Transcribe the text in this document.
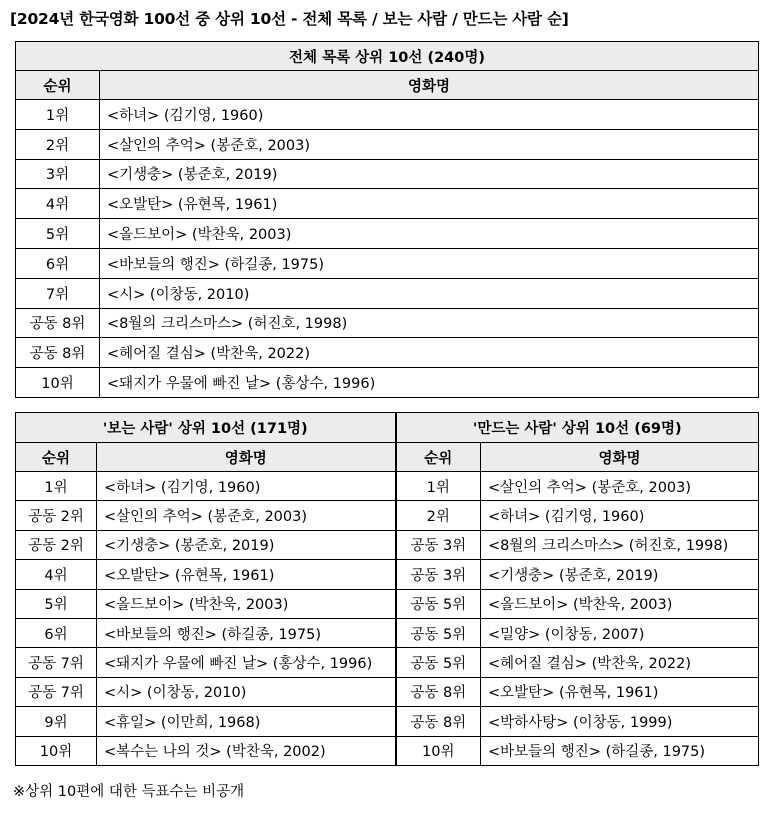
[2024년 한국영화 100선 중 상위 10선 - 전체 목록 / 보는 사람 / 만드는 사람 순]
전체 목록 상위 10선 (240명)	
순위	영화명
1위	<하녀> (김기영, 1960)
2위	<살인의 추억> (봉준호, 2003)
3위	<기생충> (봉준호, 2019)
4위	<오발탄> (유현목, 1961)
5위	<올드보이> (박찬욱, 2003)
6위	<바보들의 행진> (하길종, 1975)
7위	<시> (이창동, 2010)
공동 8위	<8월의 크리스마스> (허진호, 1998)
공동 8위	<헤어질 결심> (박찬욱, 2022)
10위	<돼지가 우물에 빠진 날> (홍상수, 1996)
'보는 사람' 상위 10선 (171명)		'만드는 사람' 상위 10선 (69명)	
순위	영화명	순위	영화명
1위	<하녀> (김기영, 1960)	1위	<살인의 추억> (봉준호, 2003)
공동 2위	<살인의 추억> (봉준호, 2003)	2위	<하녀> (김기영, 1960)
공동 2위	<기생충> (봉준호, 2019)	공동 3위	<8월의 크리스마스> (허진호, 1998)
4위	<오발탄> (유현목, 1961)	공동 3위	<기생충> (봉준호, 2019)
5위	<올드보이> (박찬욱, 2003)	공동 5위	<올드보이> (박찬욱, 2003)
6위	<바보들의 행진> (하길종, 1975)	공동 5위	<밀양> (이창동, 2007)
공동 7위	<돼지가 우물에 빠진 날> (홍상수, 1996)	공동 5위	<헤어질 결심> (박찬욱, 2022)
공동 7위	<시> (이창동, 2010)	공동 8위	<오발탄> (유현목, 1961)
9위	<휴일> (이만희, 1968)	공동 8위	<박하사탕> (이창동, 1999)
10위	<복수는 나의 것> (박찬욱, 2002)	10위	<바보들의 행진> (하길종, 1975)
※상위 10편에 대한 득표수는 비공개
